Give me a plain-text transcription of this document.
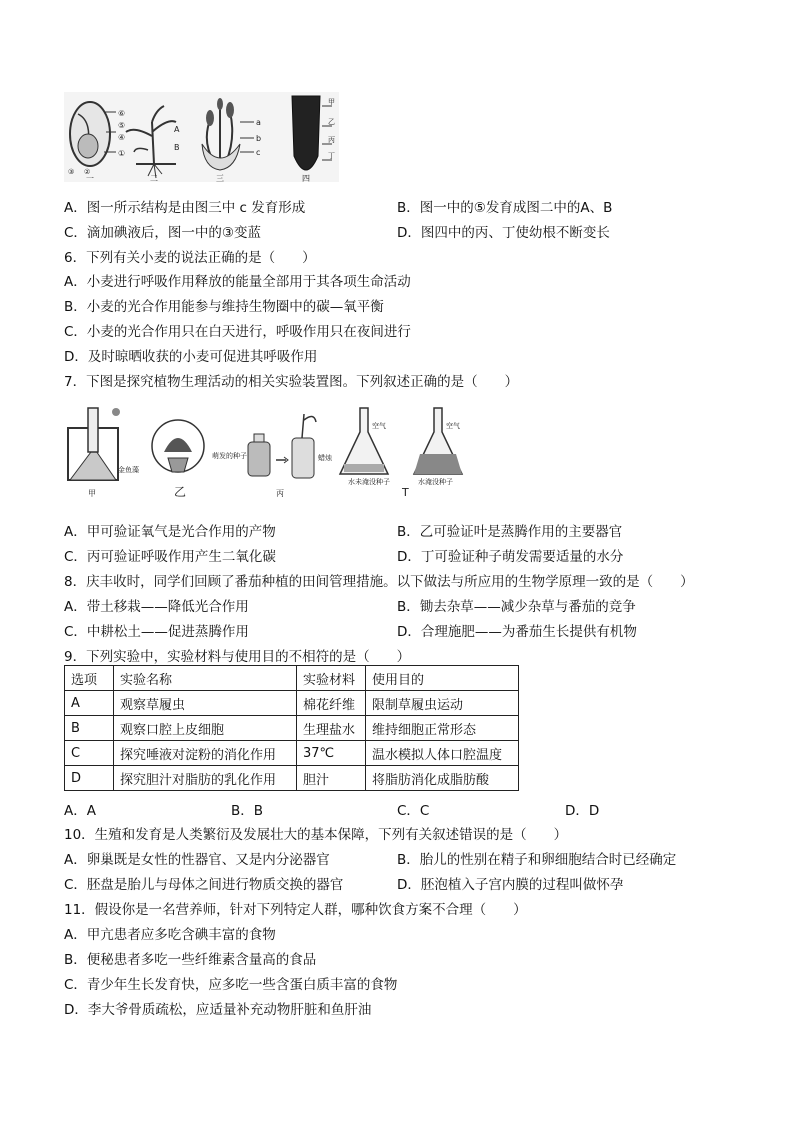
⑥
⑤
④
①
A
B
a
b
c
甲
乙
丙
丁
一	二	三	四
③ ②
A．图一所示结构是由图三中 c 发育形成	B．图一中的⑤发育成图二中的A、B
C．滴加碘液后，图一中的③变蓝	D．图四中的丙、丁使幼根不断变长
6．下列有关小麦的说法正确的是（　　）
A．小麦进行呼吸作用释放的能量全部用于其各项生命活动
B．小麦的光合作用能参与维持生物圈中的碳—氧平衡
C．小麦的光合作用只在白天进行，呼吸作用只在夜间进行
D．及时晾晒收获的小麦可促进其呼吸作用
7．下图是探究植物生理活动的相关实验装置图。下列叙述正确的是（　　）
金鱼藻
甲	乙
萌发的种子	蜡烛
丙
空气	空气
水未淹没种子	水淹没种子
T
A．甲可验证氧气是光合作用的产物	B．乙可验证叶是蒸腾作用的主要器官
C．丙可验证呼吸作用产生二氧化碳	D．丁可验证种子萌发需要适量的水分
8．庆丰收时，同学们回顾了番茄种植的田间管理措施。以下做法与所应用的生物学原理一致的是（　　）
A．带土移栽——降低光合作用	B．锄去杂草——减少杂草与番茄的竞争
C．中耕松土——促进蒸腾作用	D．合理施肥——为番茄生长提供有机物
9．下列实验中，实验材料与使用目的不相符的是（　　）
选项	实验名称	实验材料	使用目的
A	观察草履虫	棉花纤维	限制草履虫运动
B	观察口腔上皮细胞	生理盐水	维持细胞正常形态
C	探究唾液对淀粉的消化作用	37℃	温水模拟人体口腔温度
D	探究胆汁对脂肪的乳化作用	胆汁	将脂肪消化成脂肪酸
A．A	B．B	C．C	D．D
10．生殖和发育是人类繁衍及发展壮大的基本保障，下列有关叙述错误的是（　　）
A．卵巢既是女性的性器官、又是内分泌器官	B．胎儿的性别在精子和卵细胞结合时已经确定
C．胚盘是胎儿与母体之间进行物质交换的器官	D．胚泡植入子宫内膜的过程叫做怀孕
11．假设你是一名营养师，针对下列特定人群，哪种饮食方案不合理（　　）
A．甲亢患者应多吃含碘丰富的食物
B．便秘患者多吃一些纤维素含量高的食品
C．青少年生长发育快，应多吃一些含蛋白质丰富的食物
D．李大爷骨质疏松，应适量补充动物肝脏和鱼肝油
